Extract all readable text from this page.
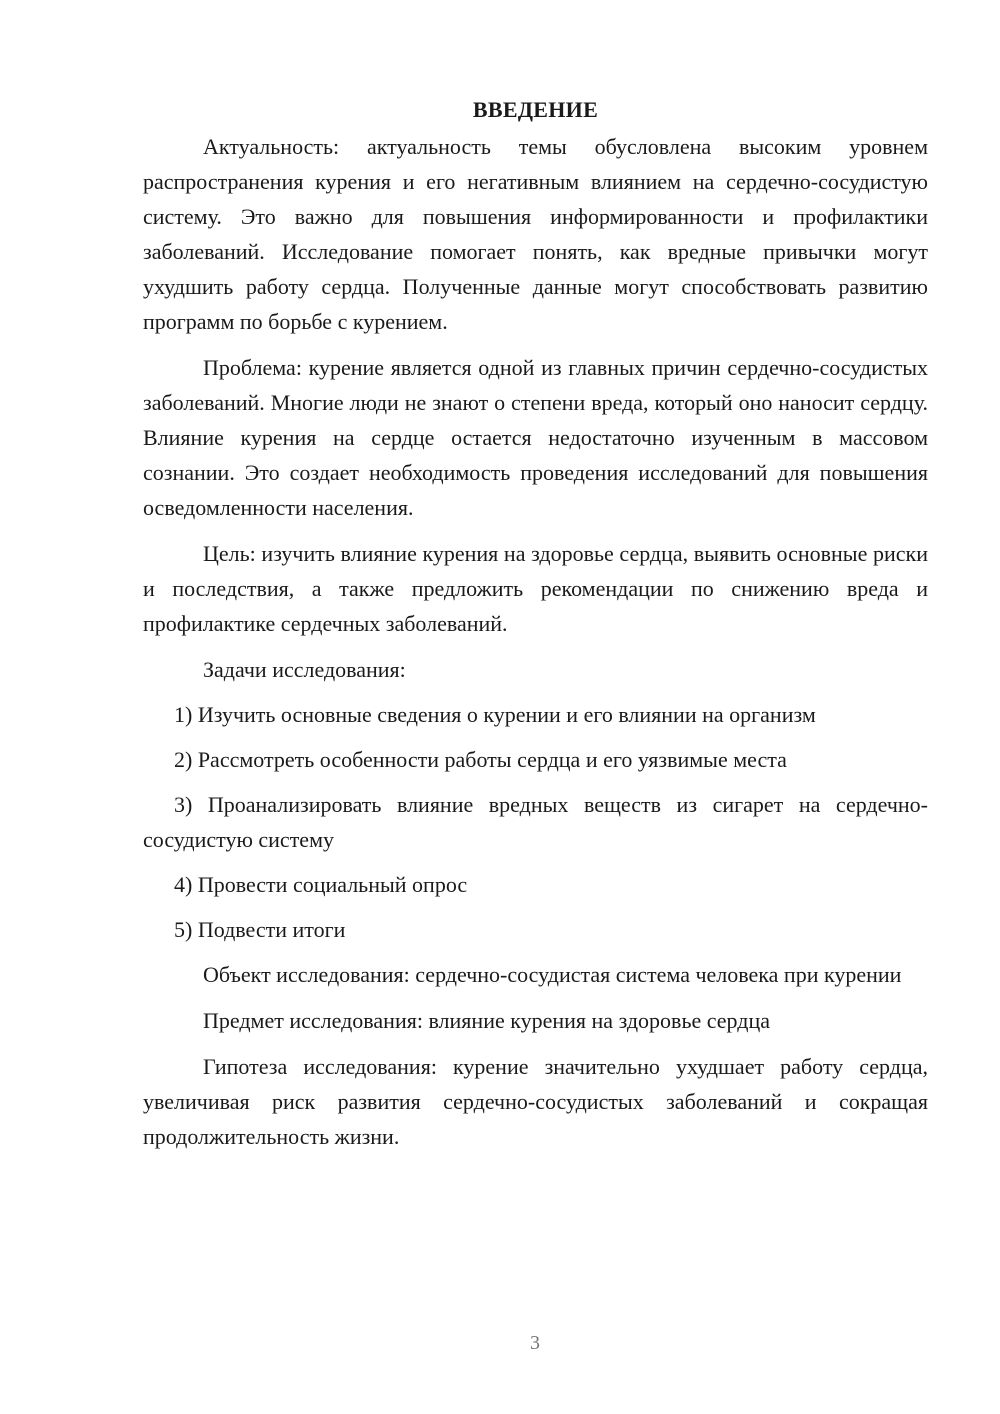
ВВЕДЕНИЕ

Актуальность: актуальность темы обусловлена высоким уровнем распространения курения и его негативным влиянием на сердечно-сосудистую систему. Это важно для повышения информированности и профилактики заболеваний. Исследование помогает понять, как вредные привычки могут ухудшить работу сердца. Полученные данные могут способствовать развитию программ по борьбе с курением.

Проблема: курение является одной из главных причин сердечно-сосудистых заболеваний. Многие люди не знают о степени вреда, который оно наносит сердцу. Влияние курения на сердце остается недостаточно изученным в массовом сознании. Это создает необходимость проведения исследований для повышения осведомленности населения.

Цель: изучить влияние курения на здоровье сердца, выявить основные риски и последствия, а также предложить рекомендации по снижению вреда и профилактике сердечных заболеваний.

Задачи исследования:

1) Изучить основные сведения о курении и его влиянии на организм

2) Рассмотреть особенности работы сердца и его уязвимые места

3) Проанализировать влияние вредных веществ из сигарет на сердечно-сосудистую систему

4) Провести социальный опрос

5) Подвести итоги

Объект исследования: сердечно-сосудистая система человека при курении

Предмет исследования: влияние курения на здоровье сердца

Гипотеза исследования: курение значительно ухудшает работу сердца, увеличивая риск развития сердечно-сосудистых заболеваний и сокращая продолжительность жизни.

3
